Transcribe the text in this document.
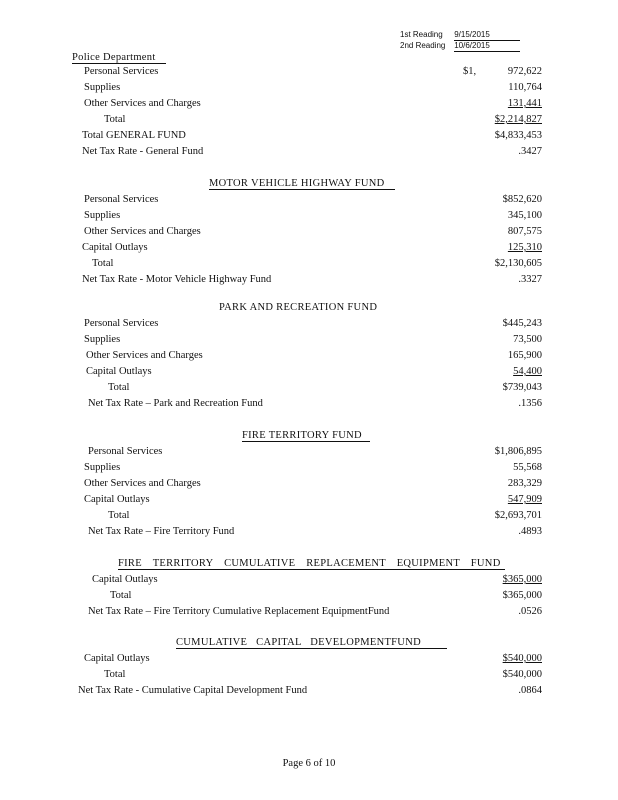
1st Reading 9/15/2015
2nd Reading 10/6/2015
Police Department
Personal Services	$1,	972,622
Supplies	110,764
Other Services and Charges	131,441
Total	$2,214,827
Total GENERAL FUND	$4,833,453
Net Tax Rate - General Fund	.3427
MOTOR VEHICLE HIGHWAY FUND
Personal Services	$852,620
Supplies	345,100
Other Services and Charges	807,575
Capital Outlays	125,310
Total	$2,130,605
Net Tax Rate - Motor Vehicle Highway Fund	.3327
PARK AND RECREATION FUND
Personal Services	$445,243
Supplies	73,500
Other Services and Charges	165,900
Capital Outlays	54,400
Total	$739,043
Net Tax Rate – Park and Recreation Fund	.1356
FIRE TERRITORY FUND
Personal Services	$1,806,895
Supplies	55,568
Other Services and Charges	283,329
Capital Outlays	547,909
Total	$2,693,701
Net Tax Rate – Fire Territory Fund	.4893
FIRE TERRITORY CUMULATIVE REPLACEMENT EQUIPMENT FUND
Capital Outlays	$365,000
Total	$365,000
Net Tax Rate – Fire Territory Cumulative Replacement EquipmentFund	.0526
CUMULATIVE CAPITAL DEVELOPMENTFUND
Capital Outlays	$540,000
Total	$540,000
Net Tax Rate - Cumulative Capital Development Fund	.0864
Page 6 of 10
